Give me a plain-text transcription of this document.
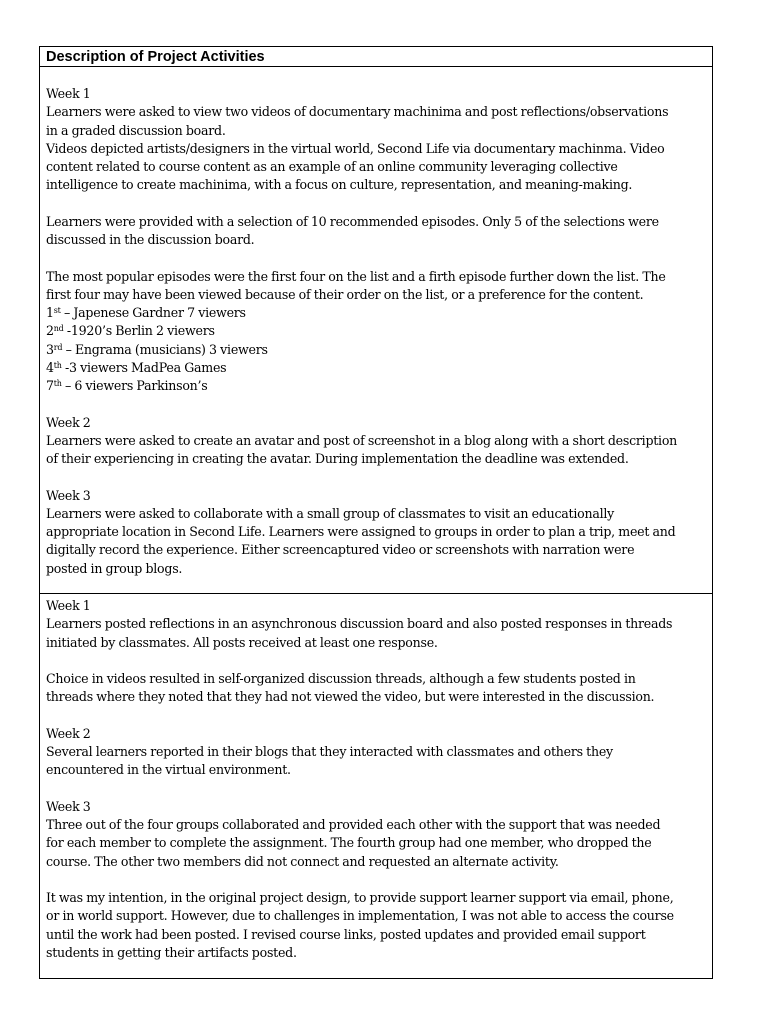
Description of Project Activities

Week 1
Learners were asked to view two videos of documentary machinima and post reflections/observations
in a graded discussion board.
Videos depicted artists/designers in the virtual world, Second Life via documentary machinma. Video
content related to course content as an example of an online community leveraging collective
intelligence to create machinima, with a focus on culture, representation, and meaning-making.

Learners were provided with a selection of 10 recommended episodes. Only 5 of the selections were
discussed in the discussion board.

The most popular episodes were the first four on the list and a firth episode further down the list. The
first four may have been viewed because of their order on the list, or a preference for the content.
1st – Japenese Gardner 7 viewers
2nd -1920’s Berlin 2 viewers
3rd – Engrama (musicians) 3 viewers
4th -3 viewers MadPea Games
7th – 6 viewers Parkinson’s

Week 2
Learners were asked to create an avatar and post of screenshot in a blog along with a short description
of their experiencing in creating the avatar. During implementation the deadline was extended.

Week 3
Learners were asked to collaborate with a small group of classmates to visit an educationally
appropriate location in Second Life. Learners were assigned to groups in order to plan a trip, meet and
digitally record the experience. Either screencaptured video or screenshots with narration were
posted in group blogs.

Week 1
Learners posted reflections in an asynchronous discussion board and also posted responses in threads
initiated by classmates. All posts received at least one response.

Choice in videos resulted in self-organized discussion threads, although a few students posted in
threads where they noted that they had not viewed the video, but were interested in the discussion.

Week 2
Several learners reported in their blogs that they interacted with classmates and others they
encountered in the virtual environment.

Week 3
Three out of the four groups collaborated and provided each other with the support that was needed
for each member to complete the assignment. The fourth group had one member, who dropped the
course. The other two members did not connect and requested an alternate activity.

It was my intention, in the original project design, to provide support learner support via email, phone,
or in world support. However, due to challenges in implementation, I was not able to access the course
until the work had been posted. I revised course links, posted updates and provided email support
students in getting their artifacts posted.
